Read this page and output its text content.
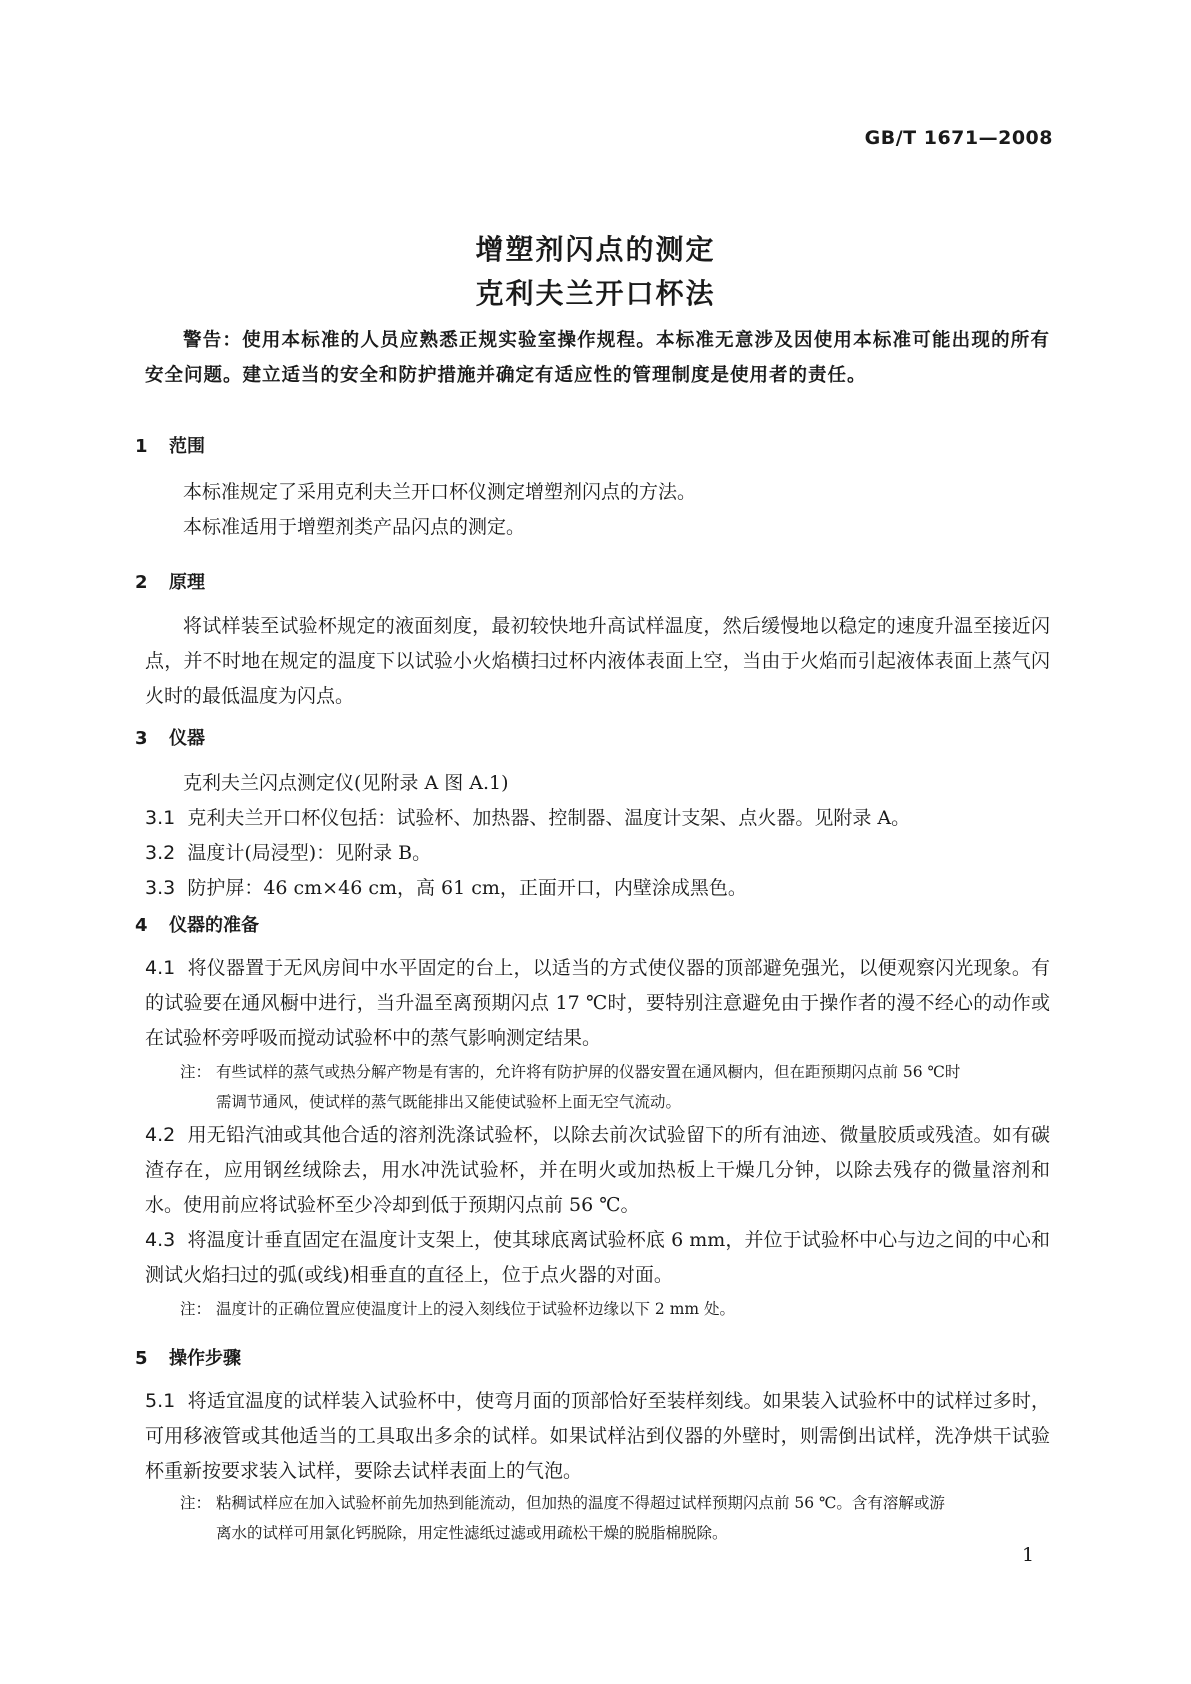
GB/T 1671—2008
增塑剂闪点的测定
克利夫兰开口杯法

警告：使用本标准的人员应熟悉正规实验室操作规程。本标准无意涉及因使用本标准可能出现的所有安全问题。建立适当的安全和防护措施并确定有适应性的管理制度是使用者的责任。

1 范围

本标准规定了采用克利夫兰开口杯仪测定增塑剂闪点的方法。

本标准适用于增塑剂类产品闪点的测定。

2 原理

将试样装至试验杯规定的液面刻度，最初较快地升高试样温度，然后缓慢地以稳定的速度升温至接近闪点，并不时地在规定的温度下以试验小火焰横扫过杯内液体表面上空，当由于火焰而引起液体表面上蒸气闪火时的最低温度为闪点。

3 仪器

克利夫兰闪点测定仪(见附录 A 图 A.1)

3.1 克利夫兰开口杯仪包括：试验杯、加热器、控制器、温度计支架、点火器。见附录 A。

3.2 温度计(局浸型)：见附录 B。

3.3 防护屏：46 cm×46 cm，高 61 cm，正面开口，内壁涂成黑色。

4 仪器的准备

4.1 将仪器置于无风房间中水平固定的台上，以适当的方式使仪器的顶部避免强光，以便观察闪光现象。有的试验要在通风橱中进行，当升温至离预期闪点 17 ℃时，要特别注意避免由于操作者的漫不经心的动作或在试验杯旁呼吸而搅动试验杯中的蒸气影响测定结果。

注： 有些试样的蒸气或热分解产物是有害的，允许将有防护屏的仪器安置在通风橱内，但在距预期闪点前 56 ℃时

需调节通风，使试样的蒸气既能排出又能使试验杯上面无空气流动。

4.2 用无铅汽油或其他合适的溶剂洗涤试验杯，以除去前次试验留下的所有油迹、微量胶质或残渣。如有碳渣存在，应用钢丝绒除去，用水冲洗试验杯，并在明火或加热板上干燥几分钟，以除去残存的微量溶剂和水。使用前应将试验杯至少冷却到低于预期闪点前 56 ℃。

4.3 将温度计垂直固定在温度计支架上，使其球底离试验杯底 6 mm，并位于试验杯中心与边之间的中心和测试火焰扫过的弧(或线)相垂直的直径上，位于点火器的对面。

注： 温度计的正确位置应使温度计上的浸入刻线位于试验杯边缘以下 2 mm 处。

5 操作步骤

5.1 将适宜温度的试样装入试验杯中，使弯月面的顶部恰好至装样刻线。如果装入试验杯中的试样过多时，可用移液管或其他适当的工具取出多余的试样。如果试样沾到仪器的外壁时，则需倒出试样，洗净烘干试验杯重新按要求装入试样，要除去试样表面上的气泡。

注： 粘稠试样应在加入试验杯前先加热到能流动，但加热的温度不得超过试样预期闪点前 56 ℃。含有溶解或游

离水的试样可用氯化钙脱除，用定性滤纸过滤或用疏松干燥的脱脂棉脱除。

1
